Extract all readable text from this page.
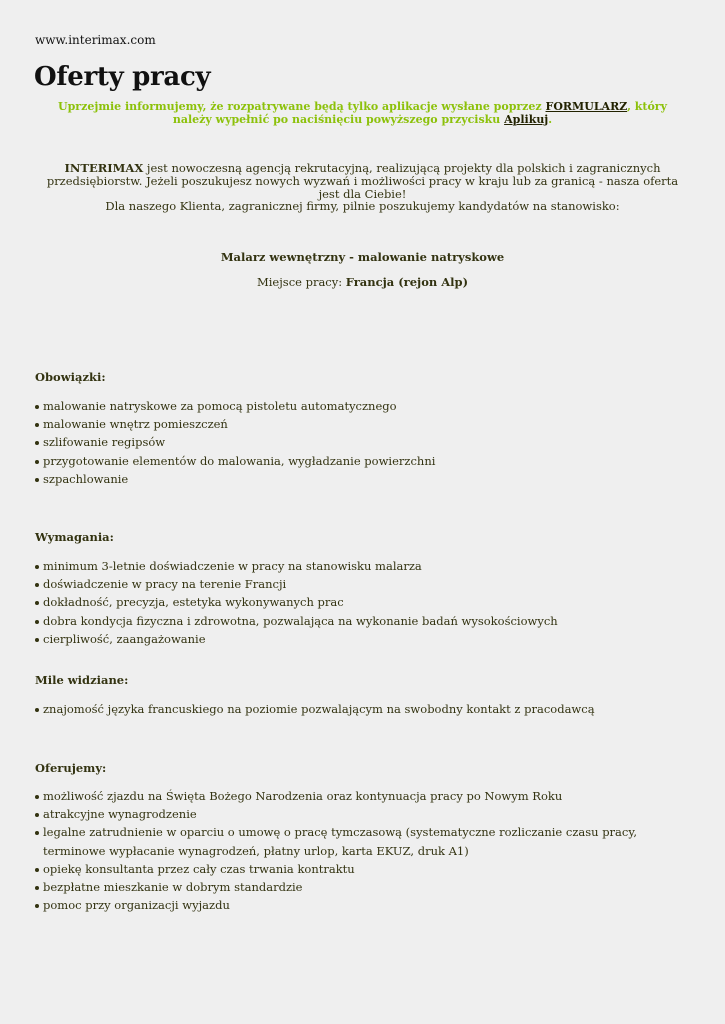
www.interimax.com
Oferty pracy
Uprzejmie informujemy, że rozpatrywane będą tylko aplikacje wysłane poprzez FORMULARZ, który należy wypełnić po naciśnięciu powyższego przycisku Aplikuj.
INTERIMAX jest nowoczesną agencją rekrutacyjną, realizującą projekty dla polskich i zagranicznych przedsiębiorstw. Jeżeli poszukujesz nowych wyzwań i możliwości pracy w kraju lub za granicą - nasza oferta jest dla Ciebie!
Dla naszego Klienta, zagranicznej firmy, pilnie poszukujemy kandydatów na stanowisko:
Malarz wewnętrzny - malowanie natryskowe
Miejsce pracy: Francja (rejon Alp)
Obowiązki:
malowanie natryskowe za pomocą pistoletu automatycznego
malowanie wnętrz pomieszczeń
szlifowanie regipsów
przygotowanie elementów do malowania, wygładzanie powierzchni
szpachlowanie
Wymagania:
minimum 3-letnie doświadczenie w pracy na stanowisku malarza
doświadczenie w pracy na terenie Francji
dokładność, precyzja, estetyka wykonywanych prac
dobra kondycja fizyczna i zdrowotna, pozwalająca na wykonanie badań wysokościowych
cierpliwość, zaangażowanie
Mile widziane:
znajomość języka francuskiego na poziomie pozwalającym na swobodny kontakt z pracodawcą
Oferujemy:
możliwość zjazdu na Święta Bożego Narodzenia oraz kontynuacja pracy po Nowym Roku
atrakcyjne wynagrodzenie
legalne zatrudnienie w oparciu o umowę o pracę tymczasową (systematyczne rozliczanie czasu pracy, terminowe wypłacanie wynagrodzeń, płatny urlop, karta EKUZ, druk A1)
opiekę konsultanta przez cały czas trwania kontraktu
bezpłatne mieszkanie w dobrym standardzie
pomoc przy organizacji wyjazdu
